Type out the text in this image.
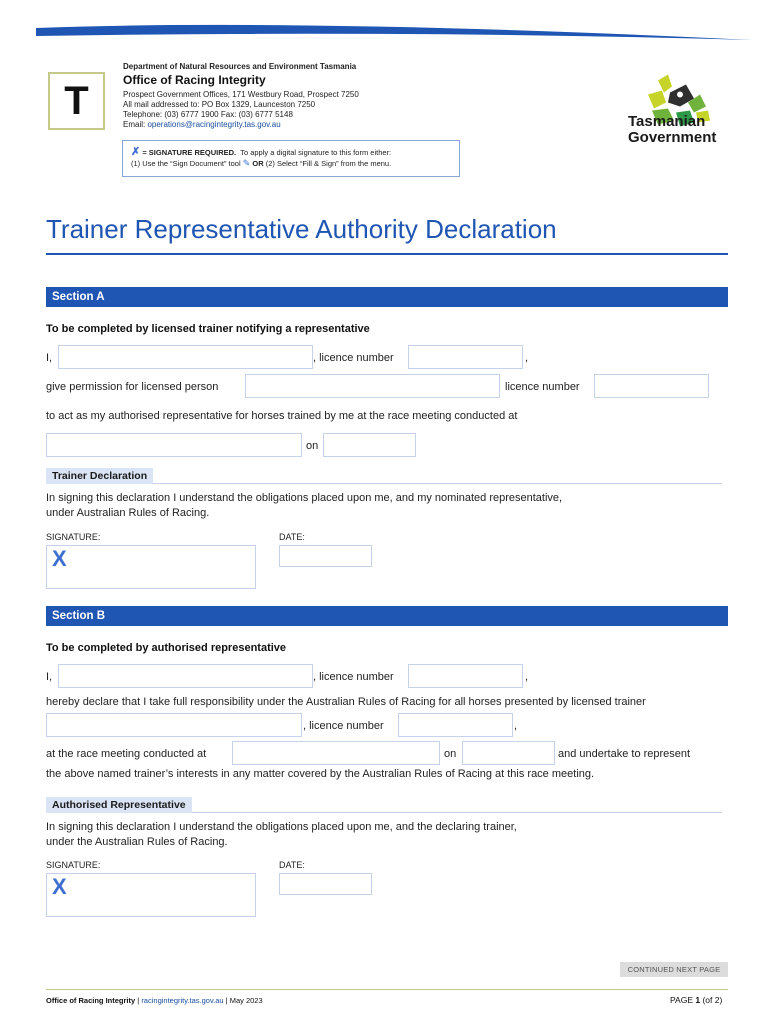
T
Department of Natural Resources and Environment Tasmania
Office of Racing Integrity
Prospect Government Offices, 171 Westbury Road, Prospect 7250
All mail addressed to: PO Box 1329, Launceston 7250
Telephone: (03) 6777 1900 Fax: (03) 6777 5148
Email: operations@racingintegrity.tas.gov.au
✗ = SIGNATURE REQUIRED. To apply a digital signature to this form either:
(1) Use the “Sign Document” tool ✎ OR (2) Select “Fill & Sign” from the menu.
Tasmanian
Government
Trainer Representative Authority Declaration
Section A
To be completed by licensed trainer notifying a representative
I,	, licence number	,
give permission for licensed person	licence number
to act as my authorised representative for horses trained by me at the race meeting conducted at
on
Trainer Declaration
In signing this declaration I understand the obligations placed upon me, and my nominated representative,
under Australian Rules of Racing.
SIGNATURE:
X
DATE:
Section B
To be completed by authorised representative
I,	, licence number	,
hereby declare that I take full responsibility under the Australian Rules of Racing for all horses presented by licensed trainer
, licence number	,
at the race meeting conducted at	on	and undertake to represent
the above named trainer’s interests in any matter covered by the Australian Rules of Racing at this race meeting.
Authorised Representative
In signing this declaration I understand the obligations placed upon me, and the declaring trainer,
under the Australian Rules of Racing.
SIGNATURE:
X
DATE:
CONTINUED NEXT PAGE
Office of Racing Integrity | racingintegrity.tas.gov.au | May 2023	PAGE 1 (of 2)
